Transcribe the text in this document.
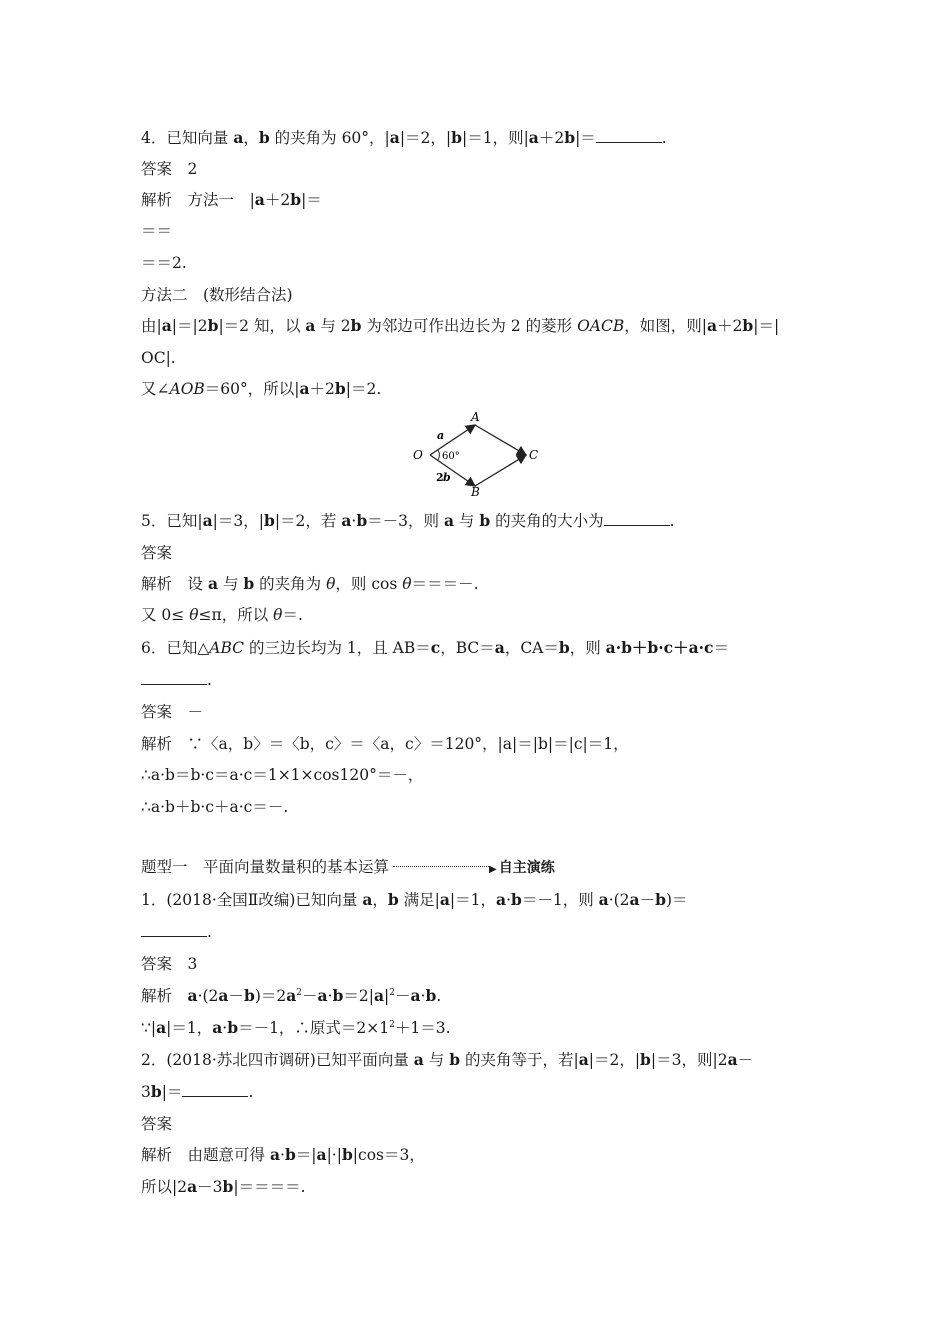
4．已知向量 a，b 的夹角为 60°，|a|＝2，|b|＝1，则|a＋2b|＝	.
答案　 2
解析　 方法一　 |a＋2b|＝
＝＝
＝＝2.
方法二　(数形结合法)
由|a|＝|2b|＝2 知，以 a 与 2b 为邻边可作出边长为 2 的菱形 OACB，如图，则|a＋2b|＝|
OC|.
又∠AOB＝60°，所以|a＋2b|＝2.
O
A
B
C
60°
a
2 b
5．已知|a|＝3，|b|＝2，若 a·b＝－3，则 a 与 b 的夹角的大小为	.
答案
解析　 设 a 与 b 的夹角为 θ，则 cos θ＝＝＝－.
又 0≤ θ≤π，所以 θ＝.
6．已知△ABC 的三边长均为 1，且 AB＝c，BC＝a，CA＝b，则 a·b＋b·c＋a·c＝
.
答案　 －
解析　 ∵〈a，b〉＝〈b，c〉＝〈a，c〉＝120°，|a|＝|b|＝|c|＝1，
∴a·b＝b·c＝a·c＝1×1×cos120°＝－，
∴a·b＋b·c＋a·c＝－.
题型一　平面向量数量积的基本运算	▶ 自主演练
1．(2018·全国Ⅱ改编)已知向量 a，b 满足|a|＝1，a·b＝－1，则 a·(2a－b)＝
.
答案　 3
解析　 $a\cdot(2a-b)=2a^2-a\cdot b=2|a|^2-a\cdot b$.
∵|a|＝1，a·b＝－1，∴原式$=2\times 1^2+1=3$.
2．(2018·苏北四市调研)已知平面向量 a 与 b 的夹角等于，若|a|＝2，|b|＝3，则|2a－
3b|＝	.
答案
解析　 由题意可得 a·b＝|a|·|b|cos＝3，
所以|2a－3b|＝＝＝＝.
